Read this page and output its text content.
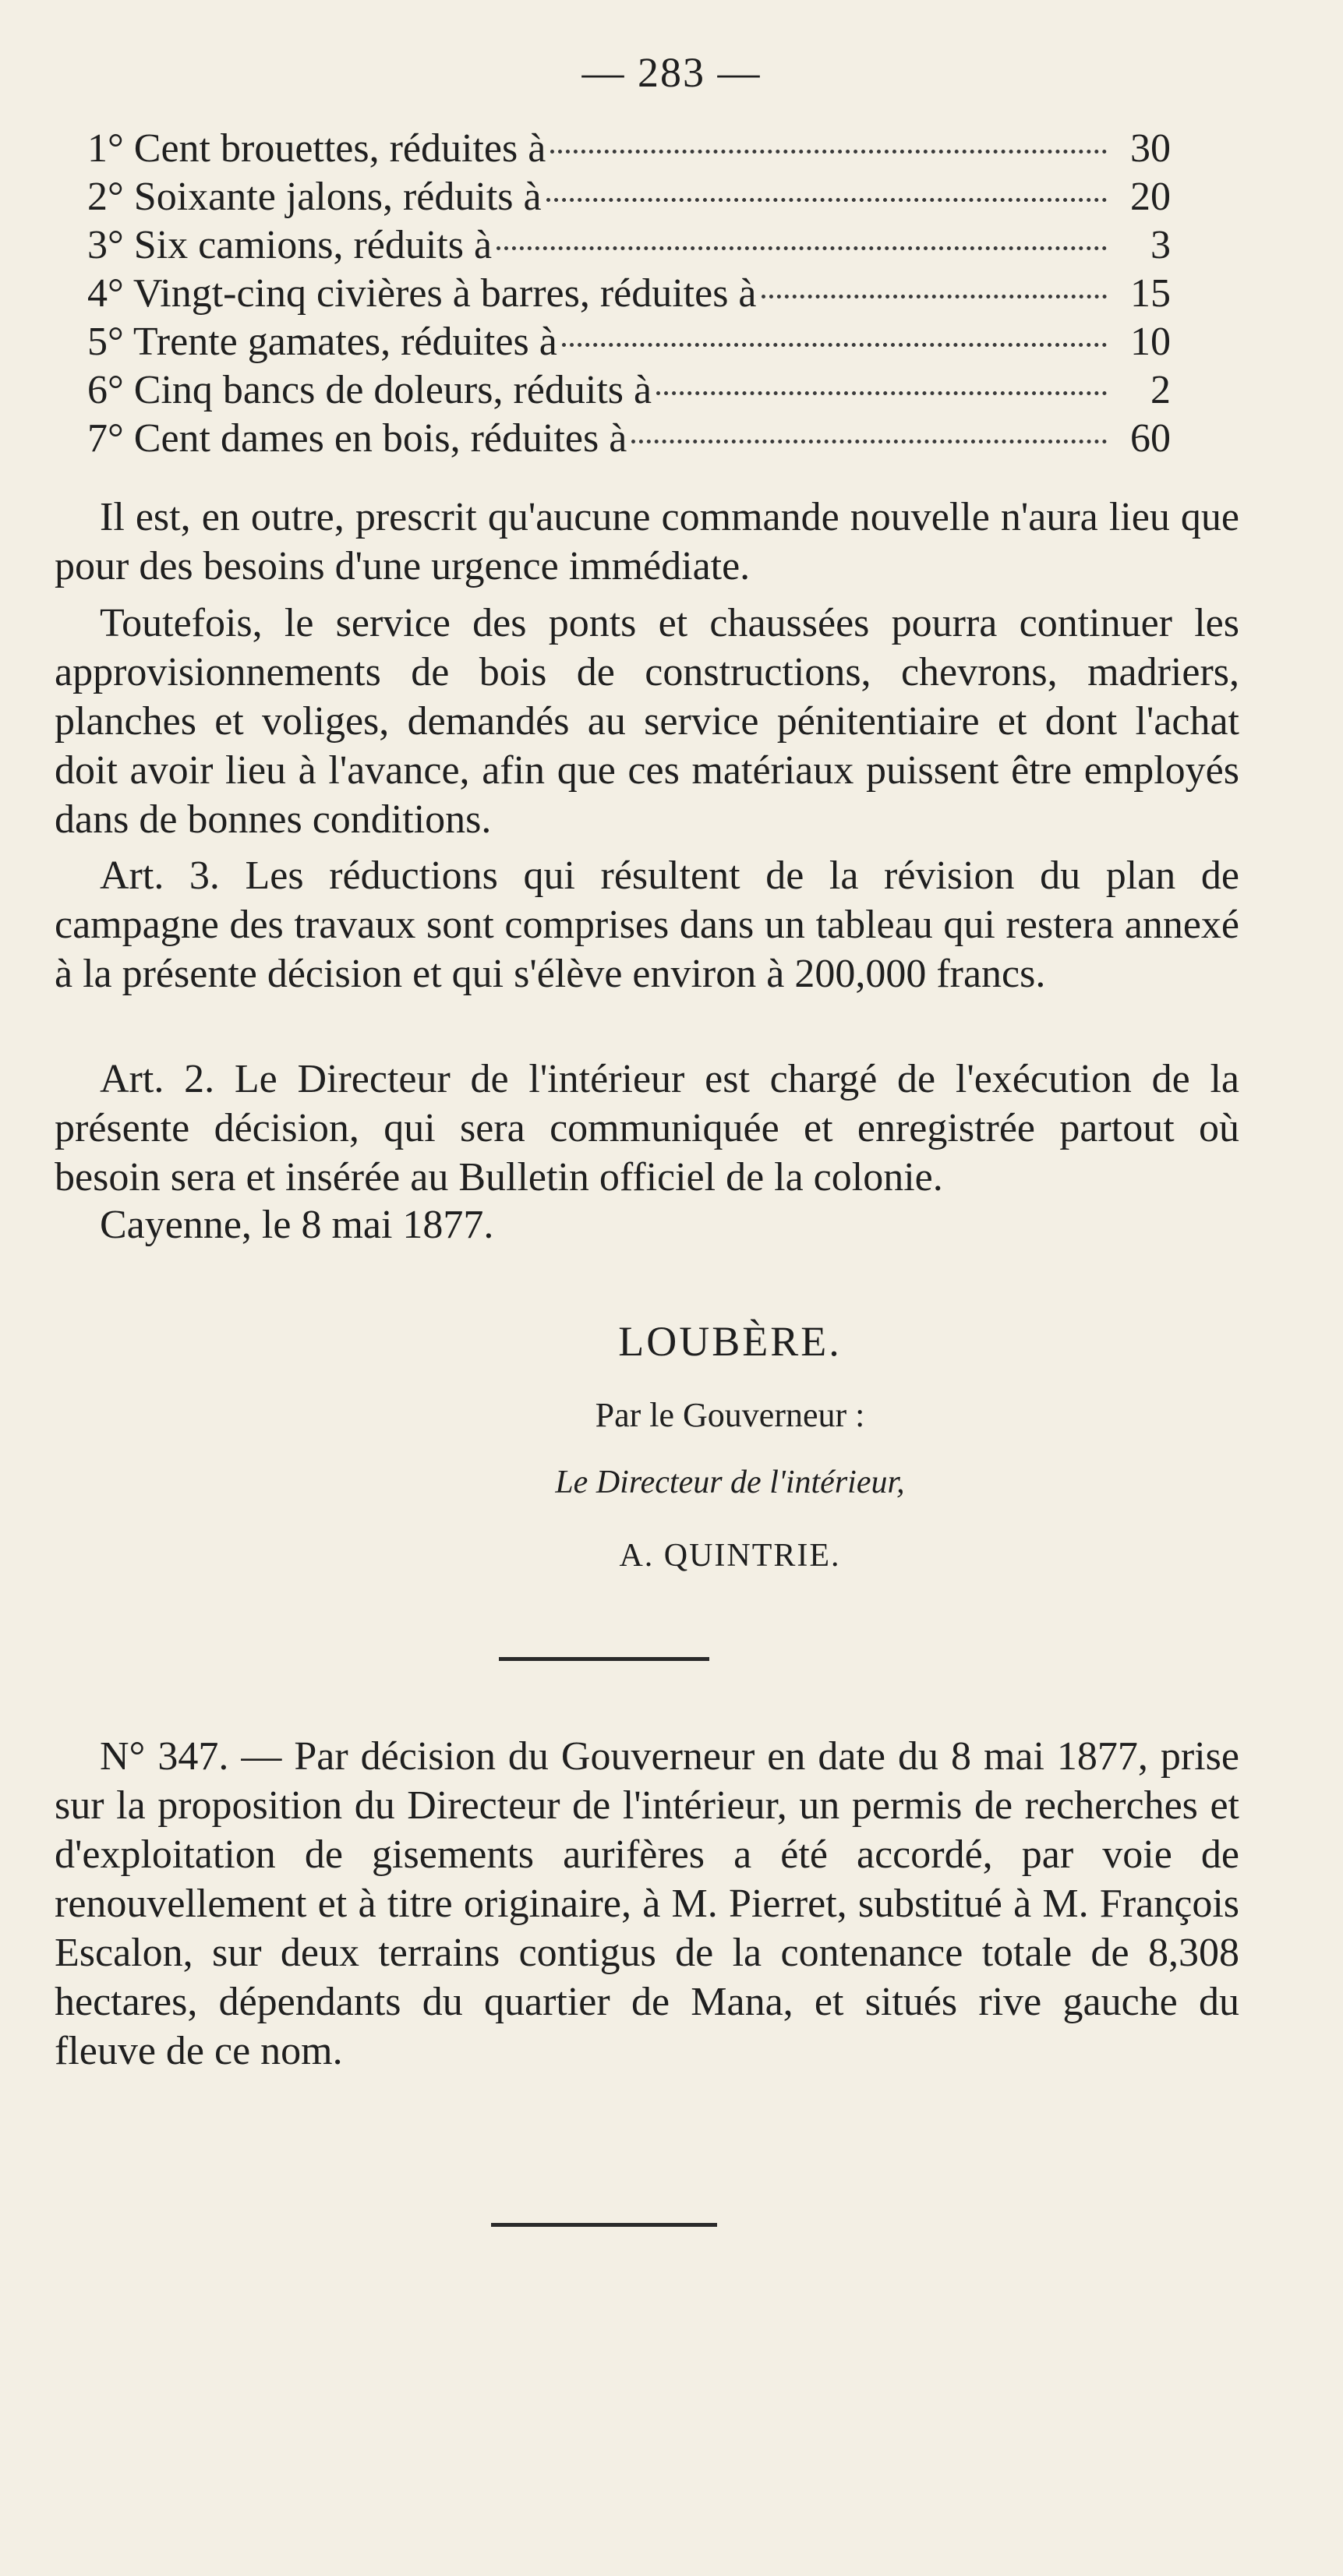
— 283 —
1° Cent brouettes, réduites à	30
2° Soixante jalons, réduits à	20
3° Six camions, réduits à	3
4° Vingt-cinq civières à barres, réduites à	15
5° Trente gamates, réduites à	10
6° Cinq bancs de doleurs, réduits à	2
7° Cent dames en bois, réduites à	60

Il est, en outre, prescrit qu'aucune commande nouvelle n'aura lieu que pour des besoins d'une urgence immédiate.

Toutefois, le service des ponts et chaussées pourra continuer les approvisionnements de bois de constructions, chevrons, madriers, planches et voliges, demandés au service pénitentiaire et dont l'achat doit avoir lieu à l'avance, afin que ces matériaux puissent être employés dans de bonnes conditions.

Art. 3. Les réductions qui résultent de la révision du plan de campagne des travaux sont comprises dans un tableau qui restera annexé à la présente décision et qui s'élève environ à 200,000 francs.

Art. 2. Le Directeur de l'intérieur est chargé de l'exécution de la présente décision, qui sera communiquée et enregistrée partout où besoin sera et insérée au Bulletin officiel de la colonie.

Cayenne, le 8 mai 1877.

LOUBÈRE.

Par le Gouverneur :

Le Directeur de l'intérieur,

A. QUINTRIE.

N° 347. — Par décision du Gouverneur en date du 8 mai 1877, prise sur la proposition du Directeur de l'intérieur, un permis de recherches et d'exploitation de gisements aurifères a été accordé, par voie de renouvellement et à titre originaire, à M. Pierret, substitué à M. François Escalon, sur deux terrains contigus de la contenance totale de 8,308 hectares, dépendants du quartier de Mana, et situés rive gauche du fleuve de ce nom.
